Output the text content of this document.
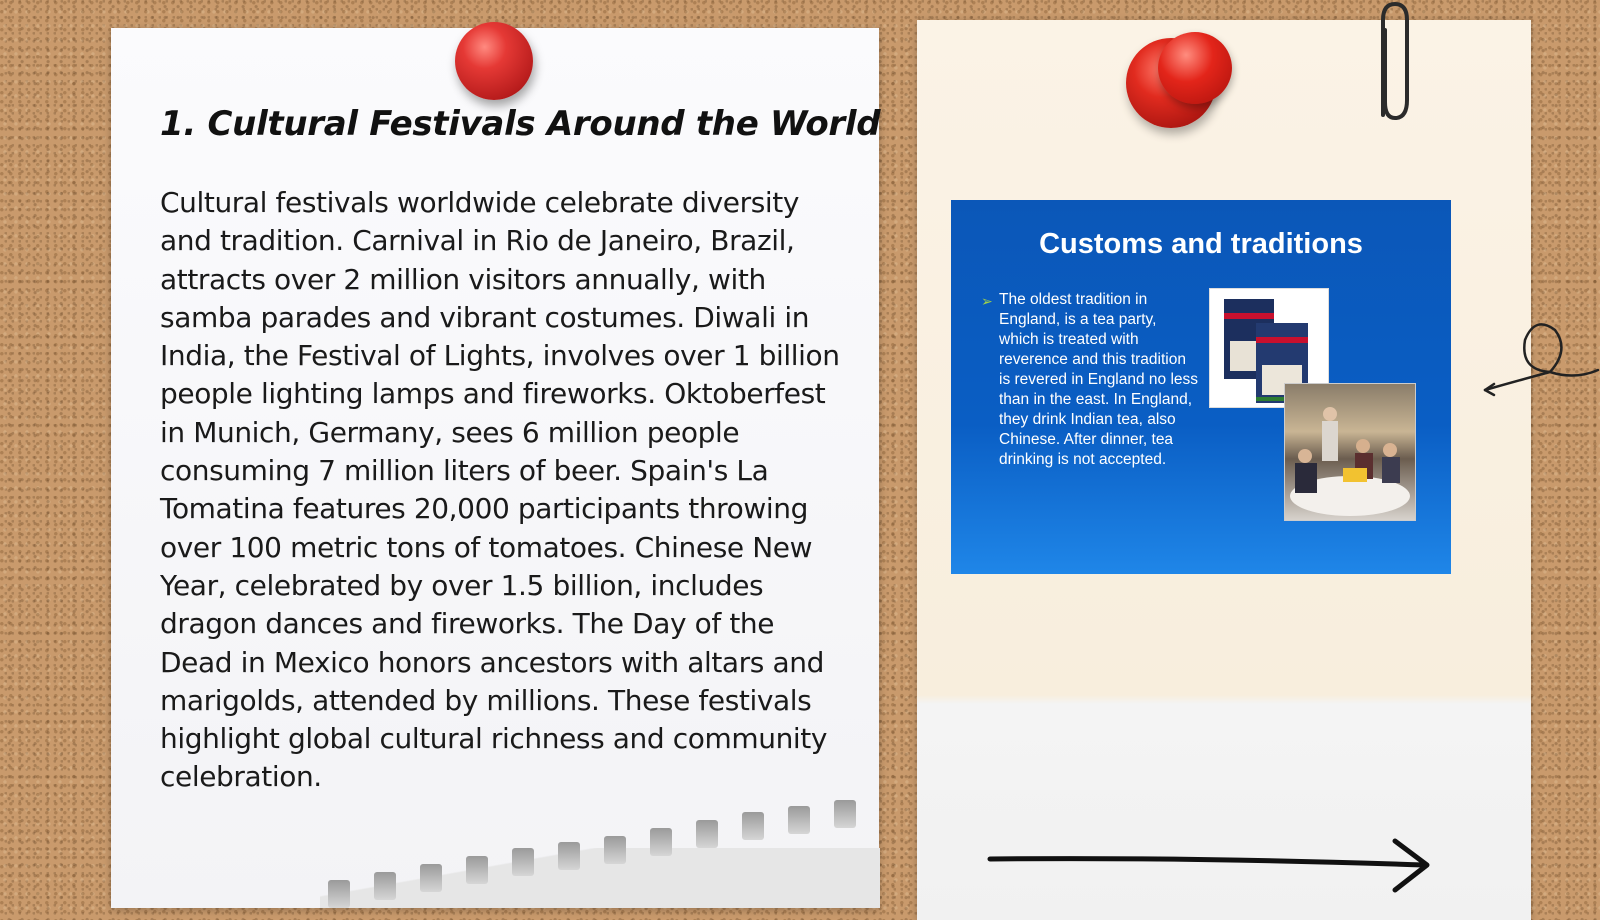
1. Cultural Festivals Around the World

Cultural festivals worldwide celebrate diversity and tradition. Carnival in Rio de Janeiro, Brazil, attracts over 2 million visitors annually, with samba parades and vibrant costumes. Diwali in India, the Festival of Lights, involves over 1 billion people lighting lamps and fireworks. Oktoberfest in Munich, Germany, sees 6 million people consuming 7 million liters of beer. Spain's La Tomatina features 20,000 participants throwing over 100 metric tons of tomatoes. Chinese New Year, celebrated by over 1.5 billion, includes dragon dances and fireworks. The Day of the Dead in Mexico honors ancestors with altars and marigolds, attended by millions. These festivals highlight global cultural richness and community celebration.

Customs and traditions
➢ The oldest tradition in England, is a tea party, which is treated with reverence and this tradition is revered in England no less than in the east. In England, they drink Indian tea, also Chinese. After dinner, tea drinking is not accepted.
